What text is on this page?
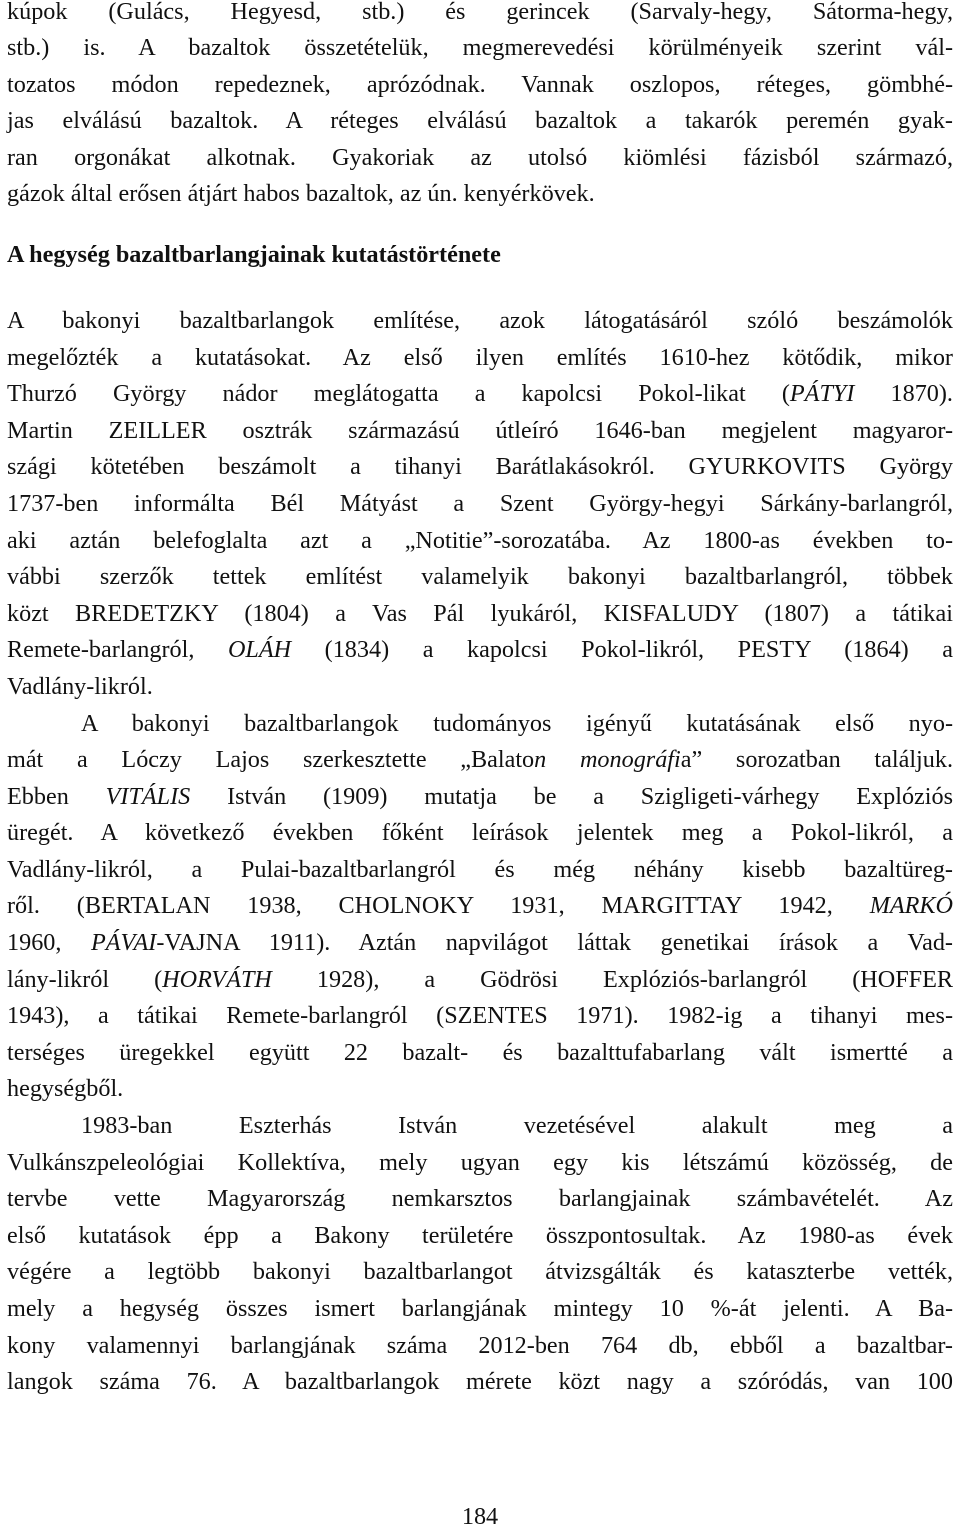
kúpok (Gulács, Hegyesd, stb.) és gerincek (Sarvaly-hegy, Sátorma-hegy,
stb.) is. A bazaltok összetételük, megmerevedési körülményeik szerint vál-
tozatos módon repedeznek, aprózódnak. Vannak oszlopos, réteges, gömbhé-
jas elválású bazaltok. A réteges elválású bazaltok a takarók peremén gyak-
ran orgonákat alkotnak. Gyakoriak az utolsó kiömlési fázisból származó,
gázok által erősen átjárt habos bazaltok, az ún. kenyérkövek.
A hegység bazaltbarlangjainak kutatástörténete
A bakonyi bazaltbarlangok említése, azok látogatásáról szóló beszámolók
megelőzték a kutatásokat. Az első ilyen említés 1610-hez kötődik, mikor
Thurzó György nádor meglátogatta a kapolcsi Pokol-likat (PÁTYI 1870).
Martin ZEILLER osztrák származású útleíró 1646-ban megjelent magyaror-
szági kötetében beszámolt a tihanyi Barátlakásokról. GYURKOVITS György
1737-ben informálta Bél Mátyást a Szent György-hegyi Sárkány-barlangról,
aki aztán belefoglalta azt a „Notitie”-sorozatába. Az 1800-as években to-
vábbi szerzők tettek említést valamelyik bakonyi bazaltbarlangról, többek
közt BREDETZKY (1804) a Vas Pál lyukáról, KISFALUDY (1807) a tátikai
Remete-barlangról, OLÁH (1834) a kapolcsi Pokol-likról, PESTY (1864) a
Vadlány-likról.
A bakonyi bazaltbarlangok tudományos igényű kutatásának első nyo-
mát a Lóczy Lajos szerkesztette „Balaton monográfia” sorozatban találjuk.
Ebben VITÁLIS István (1909) mutatja be a Szigligeti-várhegy Explóziós
üregét. A következő években főként leírások jelentek meg a Pokol-likról, a
Vadlány-likról, a Pulai-bazaltbarlangról és még néhány kisebb bazaltüreg-
ről. (BERTALAN 1938, CHOLNOKY 1931, MARGITTAY 1942, MARKÓ
1960, PÁVAI-VAJNA 1911). Aztán napvilágot láttak genetikai írások a Vad-
lány-likról (HORVÁTH 1928), a Gödrösi Explóziós-barlangról (HOFFER
1943), a tátikai Remete-barlangról (SZENTES 1971). 1982-ig a tihanyi mes-
terséges üregekkel együtt 22 bazalt- és bazalttufabarlang vált ismertté a
hegységből.
1983-ban Eszterhás István vezetésével alakult meg a
Vulkánszpeleológiai Kollektíva, mely ugyan egy kis létszámú közösség, de
tervbe vette Magyarország nemkarsztos barlangjainak számbavételét. Az
első kutatások épp a Bakony területére összpontosultak. Az 1980-as évek
végére a legtöbb bakonyi bazaltbarlangot átvizsgálták és kataszterbe vették,
mely a hegység összes ismert barlangjának mintegy 10 %-át jelenti. A Ba-
kony valamennyi barlangjának száma 2012-ben 764 db, ebből a bazaltbar-
langok száma 76. A bazaltbarlangok mérete közt nagy a szóródás, van 100
184
